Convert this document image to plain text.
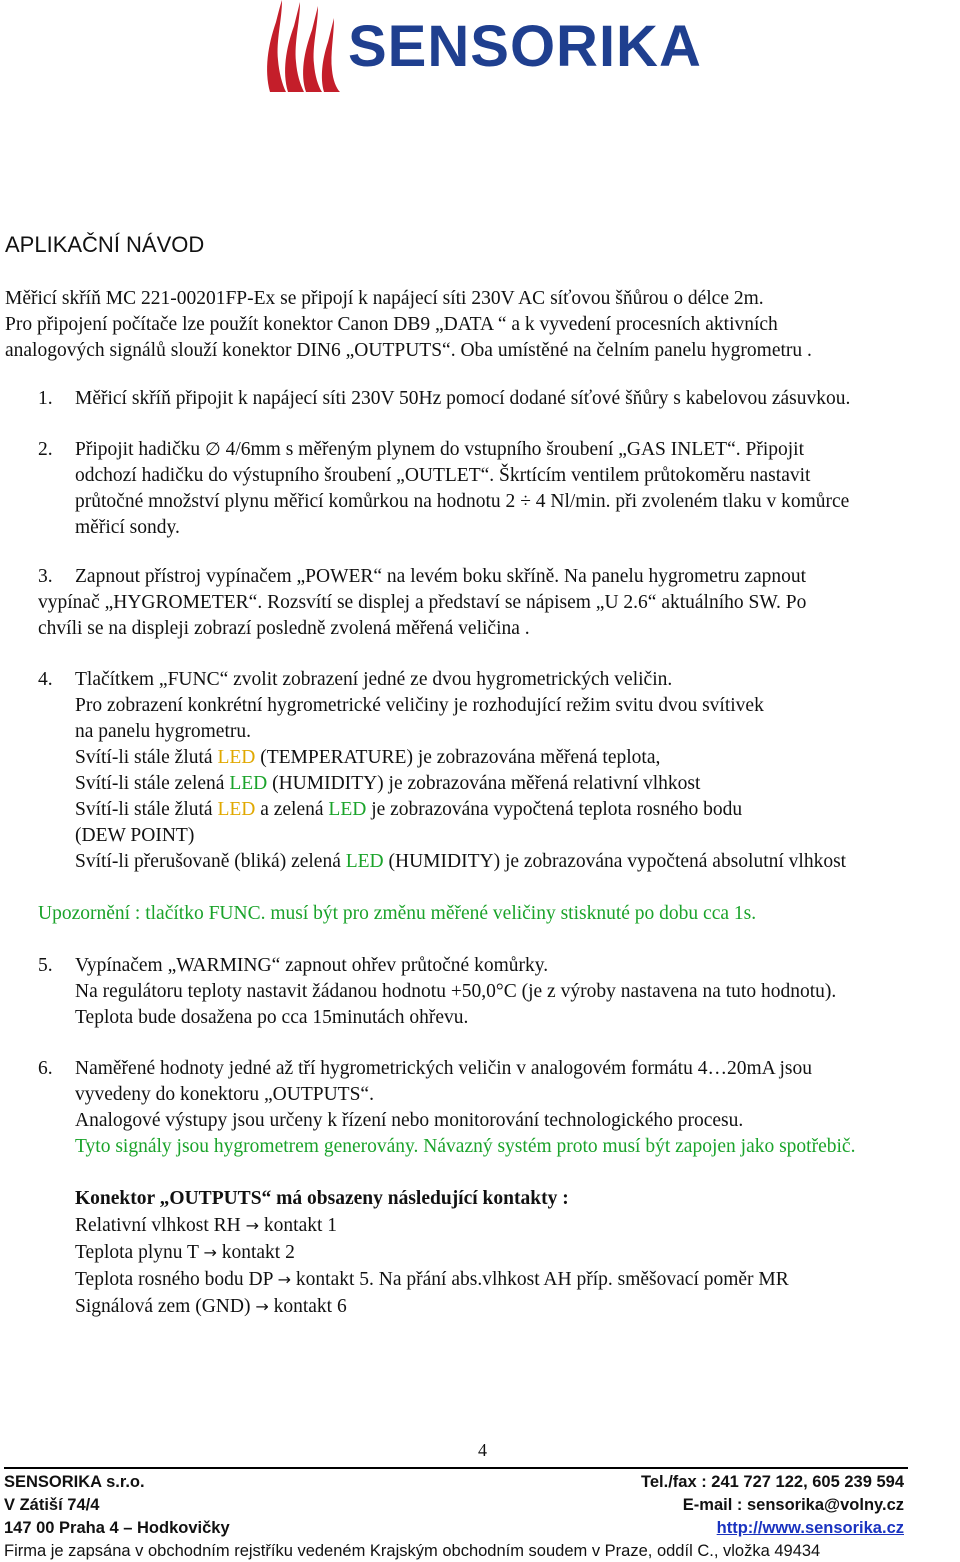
SENSORIKA
APLIKAČNÍ NÁVOD
Měřicí skříň MC 221-00201FP-Ex se připojí k napájecí síti 230V AC síťovou šňůrou o délce 2m.
Pro připojení počítače lze použít konektor Canon DB9 „DATA “ a k vyvedení procesních aktivních
analogových signálů slouží konektor DIN6 „OUTPUTS“. Oba umístěné na čelním panelu hygrometru .
1. Měřicí skříň připojit k napájecí síti 230V 50Hz pomocí dodané síťové šňůry s kabelovou zásuvkou.
2. Připojit hadičku ∅ 4/6mm s měřeným plynem do vstupního šroubení „GAS INLET“. Připojit
odchozí hadičku do výstupního šroubení „OUTLET“. Škrtícím ventilem průtokoměru nastavit
průtočné množství plynu měřicí komůrkou na hodnotu 2 ÷ 4 Nl/min. při zvoleném tlaku v komůrce
měřicí sondy.
3. Zapnout přístroj vypínačem „POWER“ na levém boku skříně. Na panelu hygrometru zapnout
vypínač „HYGROMETER“. Rozsvítí se displej a představí se nápisem „U 2.6“ aktuálního SW. Po
chvíli se na displeji zobrazí posledně zvolená měřená veličina .
4. Tlačítkem „FUNC“ zvolit zobrazení jedné ze dvou hygrometrických veličin.
Pro zobrazení konkrétní hygrometrické veličiny je rozhodující režim svitu dvou svítivek
na panelu hygrometru.
Svítí-li stále žlutá LED (TEMPERATURE) je zobrazována měřená teplota,
Svítí-li stále zelená LED (HUMIDITY) je zobrazována měřená relativní vlhkost
Svítí-li stále žlutá LED a zelená LED je zobrazována vypočtená teplota rosného bodu
(DEW POINT)
Svítí-li přerušovaně (bliká) zelená LED (HUMIDITY) je zobrazována vypočtená absolutní vlhkost
Upozornění : tlačítko FUNC. musí být pro změnu měřené veličiny stisknuté po dobu cca 1s.
5. Vypínačem „WARMING“ zapnout ohřev průtočné komůrky.
Na regulátoru teploty nastavit žádanou hodnotu +50,0°C (je z výroby nastavena na tuto hodnotu).
Teplota bude dosažena po cca 15minutách ohřevu.
6. Naměřené hodnoty jedné až tří hygrometrických veličin v analogovém formátu 4…20mA jsou
vyvedeny do konektoru „OUTPUTS“.
Analogové výstupy jsou určeny k řízení nebo monitorování technologického procesu.
Tyto signály jsou hygrometrem generovány. Návazný systém proto musí být zapojen jako spotřebič.
Konektor „OUTPUTS“ má obsazeny následující kontakty :
Relativní vlhkost RH → kontakt 1
Teplota plynu T → kontakt 2
Teplota rosného bodu DP → kontakt 5. Na přání abs.vlhkost AH příp. směšovací poměr MR
Signálová zem (GND) → kontakt 6
4
SENSORIKA s.r.o.
V Zátiší 74/4
147 00 Praha 4 – Hodkovičky
Tel./fax : 241 727 122, 605 239 594
E-mail : sensorika@volny.cz
http://www.sensorika.cz
Firma je zapsána v obchodním rejstříku vedeném Krajským obchodním soudem v Praze, oddíl C., vložka 49434
